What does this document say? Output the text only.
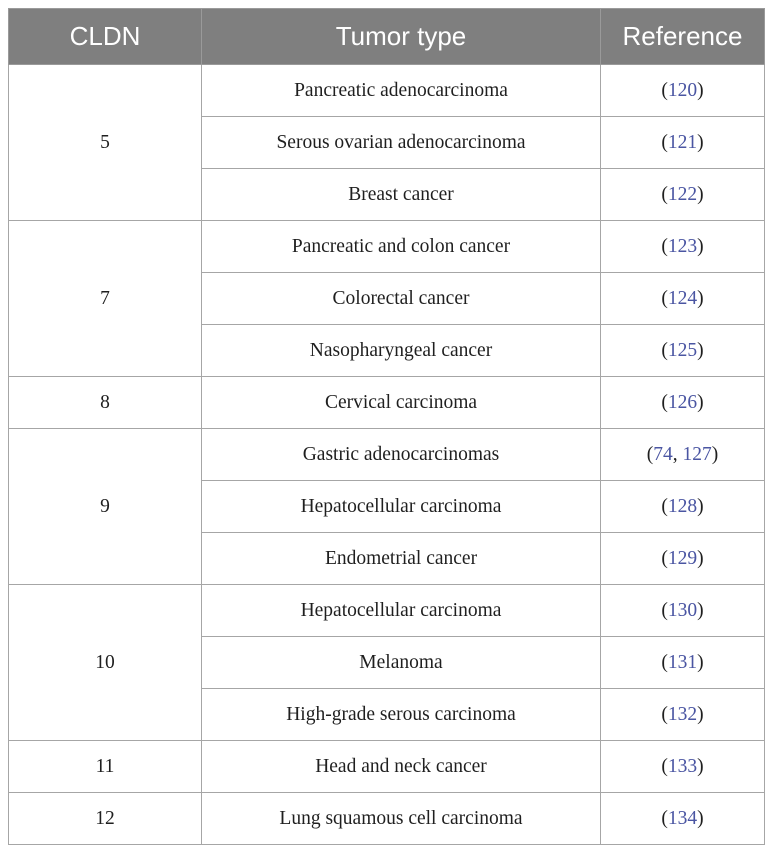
CLDN	Tumor type	Reference
5	Pancreatic adenocarcinoma	(120)
	Serous ovarian adenocarcinoma	(121)
	Breast cancer	(122)
7	Pancreatic and colon cancer	(123)
	Colorectal cancer	(124)
	Nasopharyngeal cancer	(125)
8	Cervical carcinoma	(126)
9	Gastric adenocarcinomas	(74, 127)
	Hepatocellular carcinoma	(128)
	Endometrial cancer	(129)
10	Hepatocellular carcinoma	(130)
	Melanoma	(131)
	High-grade serous carcinoma	(132)
11	Head and neck cancer	(133)
12	Lung squamous cell carcinoma	(134)
